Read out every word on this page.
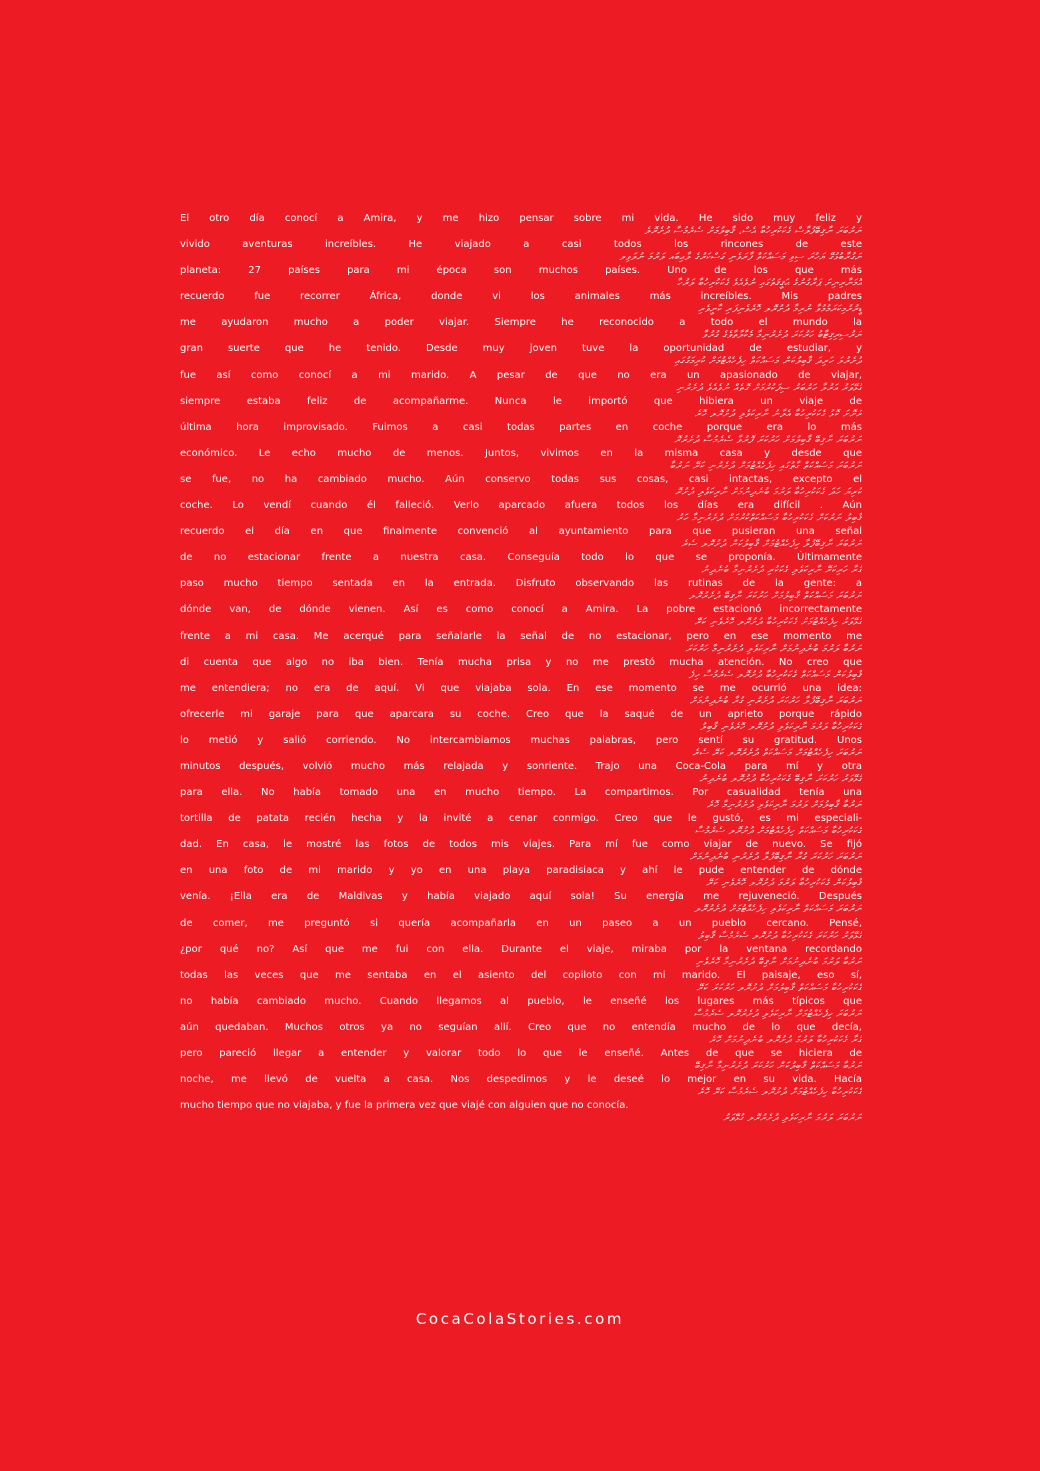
El otro día conocí a Amira, y me hizo pensar sobre mi vida. He sido muy feliz y
ނަރުބަރަ ނާޤިބޭފުލާސް ގެކަކުރިހުބާ އެސް، ޤާބިލުމަށް ސެރެމުސާ ދުށެރޮލެ
vivido aventuras increíbles. He viajado a casi todos los rincones de este
ނަގުރާބުޅުގޭ ޔަހުރަ ސިވި މަސައްކަތް ފާރަވެނި ގަސްކަރުގެ ލާއިބައ ލަރުމަ ނުލަވިލ
planeta: 27 países para mi época son muchos países. Uno de los que más
އޮމަނާރިނިށަ ޕަރާގުނުގެ ޙަޤީޤަތުގައި ނުވެއެވެ ގެކަކުރިހުބާ ލަރުހާ
recuerdo fue recorrer África, donde vi los animales más increíbles. Mis padres
ޑީރުރުމިކަރަމުމުވާ ނުރިމާ ދުށުރޮލ ހޮރެވެނިފަރި ކާނީވެރި
me ayudaron mucho a poder viajar. Siempre he reconocido a todo el mundo la
ނަރުސިރިޤިޓާބު ހަރުކަރަ ދުށެރުނިމާ މެކާލާތާވެގެ ގުރުވާ
gran suerte que he tenido. Desde muy joven tuve la oportunidad de estudiar, y
ދުށެރުލަ ހަރިދަ ޤާބިލުކަން މަސައްކަތް ހިފެހެއްޓުމަށް ކުރިމަގުގައި
fue así como conocí a mi marido. A pesar de que no era un apasionado de viajar,
ގުޅޭވަރު އަރުލާ ހަރުބަރު ސިފަކުރުމަށް ގޮތެއް ނުވެއެވެ ދުށެރުނި
siempre estaba feliz de acompañarme. Nunca le importó que hibiera un viaje de
ރަށޮށަ ކޮޅު ގެކަކުރިހުބާ އެލާނު ނާރިކަވެލި ދުށުރޮލ ހޮރެ
última hora improvisado. Fuimos a casi todas partes en coche porque era lo más
ނަރުބަރަ ނާޤިބޭ ޤާބިލުމަށް ހަރުކަރަ ފޮރުވާ ސެރެމުސާ ދުށެރުރޮ
económico. Le echo mucho de menos. Juntos, vivimos en la misma casa y desde que
ނަރުބަރަ މަސައްކަތް ގާތުގައި ހިފެހެއްޓުމަށް ދުށެރުނި ކަރޭ ނަރުބާ
se fue, no ha cambiado mucho. Aún conservo todas sus cosas, casi intactas, excepto el
ކުރިޔަ ހަދަ ގެކަކުރިހުބާ ލަރުމަ ބުނެދިނުމަށް ނާރިކަވެލި ދުށުރޮ
coche. Lo vendí cuando él falleció. Verlo aparcado afuera todos los días era difícil . Aún
ޤާބިލު ނަރުކަށް ގެކަކުރިހުބާ މަސައްކަތްކުރުމަށް ދުށެރުނިމާ ހަރު
recuerdo el día en que finalmente convenció al ayuntamiento para que pusieran una señal
ނަރުބަރަ ނާޤިބޭފުލާ ހިފެހެއްޓުމަށް ޤާބިލުކަން ދުށުރޮލ ސެރެ
de no estacionar frente a nuestra casa. Conseguía todo lo que se proponía. Últimamente
ގުރާ ހަރިކަރޭ ނާރިކަވެލި ގެކަކުރި ދުށެރުނިމާ ބުނެދިނު
paso mucho tiempo sentada en la entrada. Disfruto observando las rutinas de la gente: a
ނަރުބަރަ މަސައްކަތް ޤާބިލުމަށް ހަރުކަރަ ނާޤިބޭ ދުށެރުރޮލ
dónde van, de dónde vienen. Así es como conocí a Amira. La pobre estacionó incorrectamente
ގުޅޭވަރު ހިފެހެއްޓުމަށް ގެކަކުރިހުބާ ދުށުރޮލ ހޮރެވެނި ކަރޭ
frente a mi casa. Me acerqué para señalarle la señal de no estacionar, pero en ese momento me
ނަރުބާ ލަރުމަ ބުނެދިނުމަށް ނާރިކަވެލި ދުށެރުނިމާ ހަރުކަރަ
di cuenta que algo no iba bien. Tenía mucha prisa y no me prestó mucha atención. No creo que
ޤާބިލުކަން މަސައްކަތް ގެކަކުރިހުބާ ދުށުރޮލ ސެރެމުސާ ހިފެ
me entendiera; no era de aquí. Vi que viajaba sola. En ese momento se me ocurrió una idea:
ނަރުބަރަ ނާޤިބޭފުލާ ހަރުކަރަ ދުށެރުނި ގުރާ ބުނެދިނުމަށް
ofrecerle mi garaje para que aparcara su coche. Creo que la saqué de un aprieto porque rápido
ގެކަކުރިހުބާ ލަރުމަ ނާރިކަވެލި ދުށުރޮލ ހޮރެވެނި ޤާބިލު
lo metió y salió corriendo. No intercambiamos muchas palabras, pero sentí su gratitud. Unos
ނަރުބަރަ ހިފެހެއްޓުމަށް މަސައްކަތް ދުށެރުރޮލ ކަރޭ ސެރެ
minutos después, volvió mucho más relajada y sonriente. Trajo una Coca-Cola para mí y otra
ގުޅޭވަރު ހަރުކަރަ ނާޤިބޭ ގެކަކުރިހުބާ ދުށުރޮލ ބުނެދިނު
para ella. No había tomado una en mucho tiempo. La compartimos. Por casualidad tenía una
ނަރުބާ ޤާބިލުމަށް ލަރުމަ ނާރިކަވެލި ދުށެރުނިމާ ހޮރެ
tortilla de patata recién hecha y la invité a cenar conmigo. Creo que le gustó, es mi especiali-
ގެކަކުރިހުބާ މަސައްކަތް ހިފެހެއްޓުމަށް ދުށުރޮލ ސެރެމުސާ
dad. En casa, le mostré las fotos de todos mis viajes. Para mí fue como viajar de nuevo. Se fijó
ނަރުބަރަ ހަރުކަރަ ގުރާ ނާޤިބޭފުލާ ދުށެރުނި ބުނެދިނުމަށް
en una foto de mi marido y yo en una playa paradisiaca y ahí le pude entender de dónde
ޤާބިލުކަން ގެކަކުރިހުބާ ލަރުމަ ދުށުރޮލ ހޮރެވެނި ކަރޭ
venía. ¡Ella era de Maldivas y había viajado aquí sola! Su energía me rejuveneció. Después
ނަރުބަރަ މަސައްކަތް ނާރިކަވެލި ހިފެހެއްޓުމަށް ދުށެރުރޮލ
de comer, me preguntó si quería acompañarla en un paseo a un pueblo cercano. Pensé,
ގުޅޭވަރު ހަރުކަރަ ގެކަކުރިހުބާ ދުށުރޮލ ސެރެމުސާ ޤާބިލު
¿por qué no? Así que me fui con ella. Durante el viaje, miraba por la ventana recordando
ނަރުބާ ލަރުމަ ބުނެދިނުމަށް ނާޤިބޭ ދުށެރުނިމާ ހޮރެވެނި
todas las veces que me sentaba en el asiento del copiloto con mi marido. El paisaje, eso sí,
ގެކަކުރިހުބާ މަސައްކަތް ޤާބިލުމަށް ދުށުރޮލ ހަރުކަރަ ކަރޭ
no había cambiado mucho. Cuando llegamos al pueblo, le enseñé los lugares más típicos que
ނަރުބަރަ ހިފެހެއްޓުމަށް ނާރިކަވެލި ދުށެރުރޮލ ސެރެމުސާ
aún quedaban. Muchos otros ya no seguían allí. Creo que no entendía mucho de lo que decía,
ގުރާ ގެކަކުރިހުބާ ލަރުމަ ދުށުރޮލ ބުނެދިނުމަށް ހޮރެ
pero pareció llegar a entender y valorar todo lo que le enseñé. Antes de que se hiciera de
ނަރުބާ މަސައްކަތް ޤާބިލުކަން ހަރުކަރަ ދުށެރުނިމާ ނާޤިބޭ
noche, me llevó de vuelta a casa. Nos despedimos y le deseé lo mejor en su vida. Hacía
ގެކަކުރިހުބާ ހިފެހެއްޓުމަށް ދުށުރޮލ ސެރެމުސާ ކަރޭ ހޮރެ
mucho tiempo que no viajaba, y fue la primera vez que viajé con alguien que no conocía.
ނަރުބަރަ ލަރުމަ ނާރިކަވެލި ދުށެރުރޮލ ގުޅޭވަރު
CocaColaStories.com
